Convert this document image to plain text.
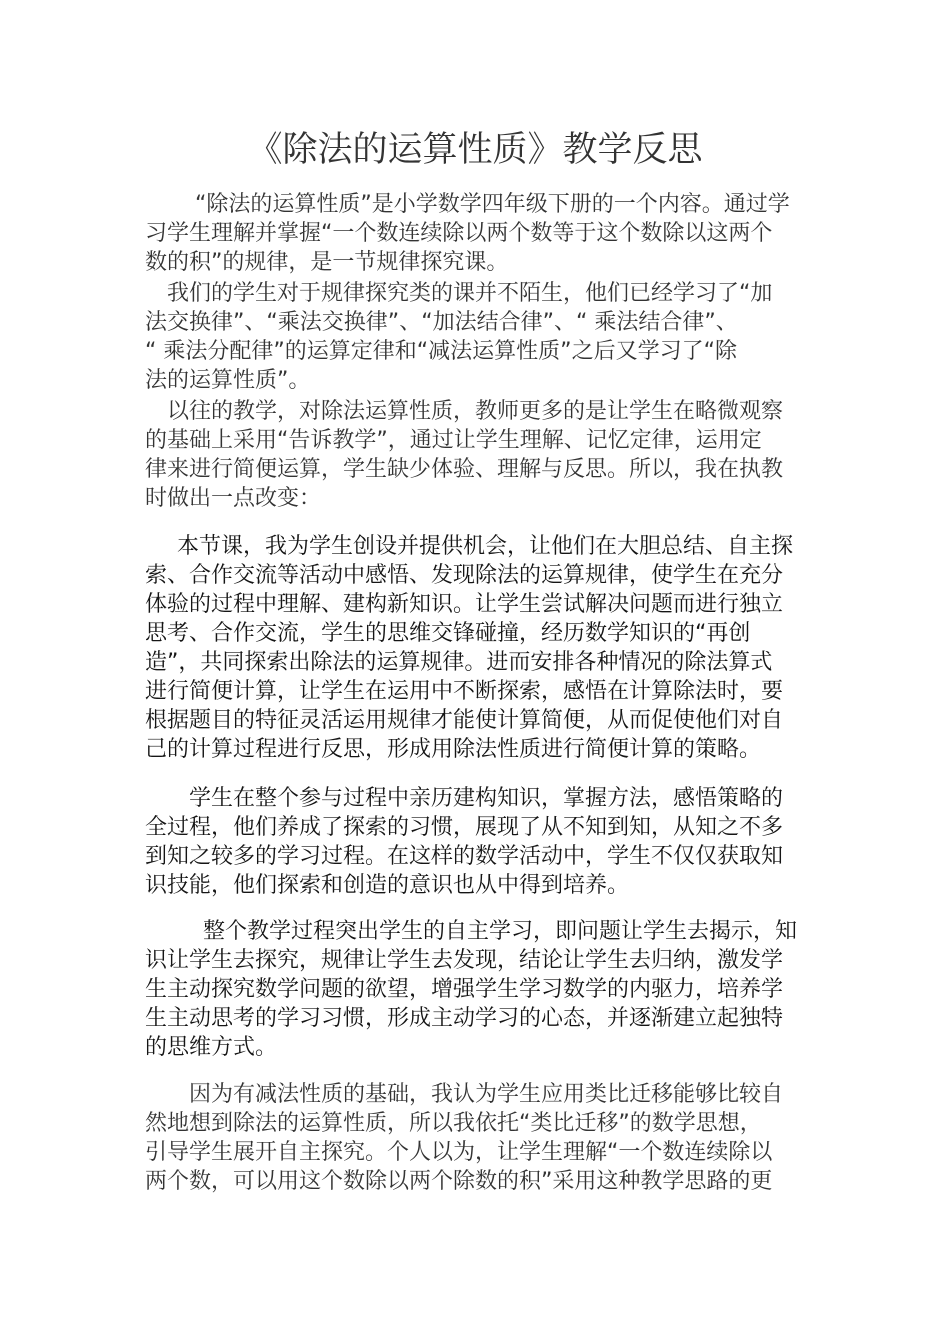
《除法的运算性质》教学反思
“除法的运算性质”是小学数学四年级下册的一个内容。通过学
习学生理解并掌握“一个数连续除以两个数等于这个数除以这两个
数的积”的规律，是一节规律探究课。
我们的学生对于规律探究类的课并不陌生，他们已经学习了“加
法交换律”、“乘法交换律”、“加法结合律”、“ 乘法结合律”、
“ 乘法分配律”的运算定律和“减法运算性质”之后又学习了“除
法的运算性质”。
以往的教学，对除法运算性质，教师更多的是让学生在略微观察
的基础上采用“告诉教学”，通过让学生理解、记忆定律，运用定
律来进行简便运算，学生缺少体验、理解与反思。所以，我在执教
时做出一点改变：
本节课，我为学生创设并提供机会，让他们在大胆总结、自主探
索、合作交流等活动中感悟、发现除法的运算规律，使学生在充分
体验的过程中理解、建构新知识。让学生尝试解决问题而进行独立
思考、合作交流，学生的思维交锋碰撞，经历数学知识的“再创
造”，共同探索出除法的运算规律。进而安排各种情况的除法算式
进行简便计算，让学生在运用中不断探索，感悟在计算除法时，要
根据题目的特征灵活运用规律才能使计算简便，从而促使他们对自
己的计算过程进行反思，形成用除法性质进行简便计算的策略。
学生在整个参与过程中亲历建构知识，掌握方法，感悟策略的
全过程，他们养成了探索的习惯，展现了从不知到知，从知之不多
到知之较多的学习过程。在这样的数学活动中，学生不仅仅获取知
识技能，他们探索和创造的意识也从中得到培养。
整个教学过程突出学生的自主学习，即问题让学生去揭示，知
识让学生去探究，规律让学生去发现，结论让学生去归纳，激发学
生主动探究数学问题的欲望，增强学生学习数学的内驱力，培养学
生主动思考的学习习惯，形成主动学习的心态，并逐渐建立起独特
的思维方式。
因为有减法性质的基础，我认为学生应用类比迁移能够比较自
然地想到除法的运算性质，所以我依托“类比迁移”的数学思想，
引导学生展开自主探究。个人以为，让学生理解“一个数连续除以
两个数，可以用这个数除以两个除数的积”采用这种教学思路的更
